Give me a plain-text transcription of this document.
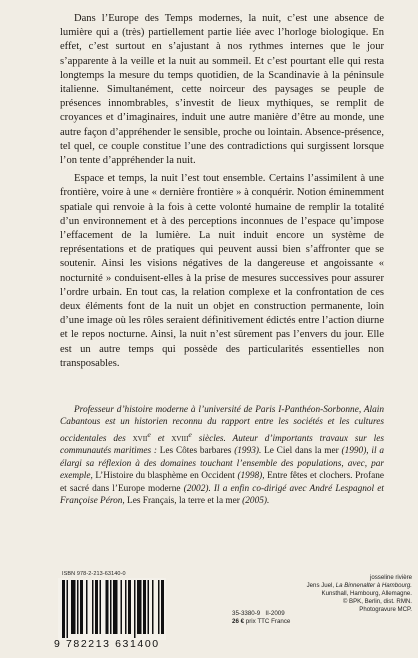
Dans l’Europe des Temps modernes, la nuit, c’est une absence de lumière qui a (très) partiellement partie liée avec l’horloge biologique. En effet, c’est surtout en s’ajustant à nos rythmes internes que le jour s’apparente à la veille et la nuit au sommeil. Et c’est pourtant elle qui resta longtemps la mesure du temps quotidien, de la Scandinavie à la péninsule italienne. Simultanément, cette noirceur des paysages se peuple de présences innombrables, s’investit de lieux mythiques, se remplit de croyances et d’imaginaires, induit une autre manière d’être au monde, une autre façon d’appréhender le sensible, proche ou lointain. Absence-présence, tel quel, ce couple constitue l’une des contradictions qui surgissent lorsque l’on tente d’appréhender la nuit.

Espace et temps, la nuit l’est tout ensemble. Certains l’assimilent à une frontière, voire à une « dernière frontière » à conquérir. Notion éminemment spatiale qui renvoie à la fois à cette volonté humaine de remplir la totalité d’un environnement et à des perceptions inconnues de l’espace qu’impose l’effacement de la lumière. La nuit induit encore un système de représentations et de pratiques qui peuvent aussi bien s’affronter que se soutenir. Ainsi les visions négatives de la dangereuse et angoissante « nocturnité » conduisent-elles à la prise de mesures successives pour assurer l’ordre urbain. En tout cas, la relation complexe et la confrontation de ces deux éléments font de la nuit un objet en construction permanente, loin d’une image où les rôles seraient définitivement édictés entre l’action diurne et le repos nocturne. Ainsi, la nuit n’est sûrement pas l’envers du jour. Elle est un autre temps qui possède des particularités essentielles non transposables.

Professeur d’histoire moderne à l’université de Paris I-Panthéon-Sorbonne, Alain Cabantous est un historien reconnu du rapport entre les sociétés et les cultures occidentales des XVIIe et XVIIIe siècles. Auteur d’importants travaux sur les communautés maritimes : Les Côtes barbares (1993). Le Ciel dans la mer (1990), il a élargi sa réflexion à des domaines touchant l’ensemble des populations, avec, par exemple, L’Histoire du blasphème en Occident (1998), Entre fêtes et clochers. Profane et sacré dans l’Europe moderne (2002). Il a enfin co-dirigé avec André Lespagnol et Françoise Péron, Les Français, la terre et la mer (2005).

ISBN 978-2-213-63140-0
9 782213 631400
35-3380-9 II-2009
26 € prix TTC France
josseline rivière
Jens Juel, La Binnenalter à Hambourg.
Kunsthall, Hambourg, Allemagne.
© BPK, Berlin, dist. RMN.
Photogravure MCP.
